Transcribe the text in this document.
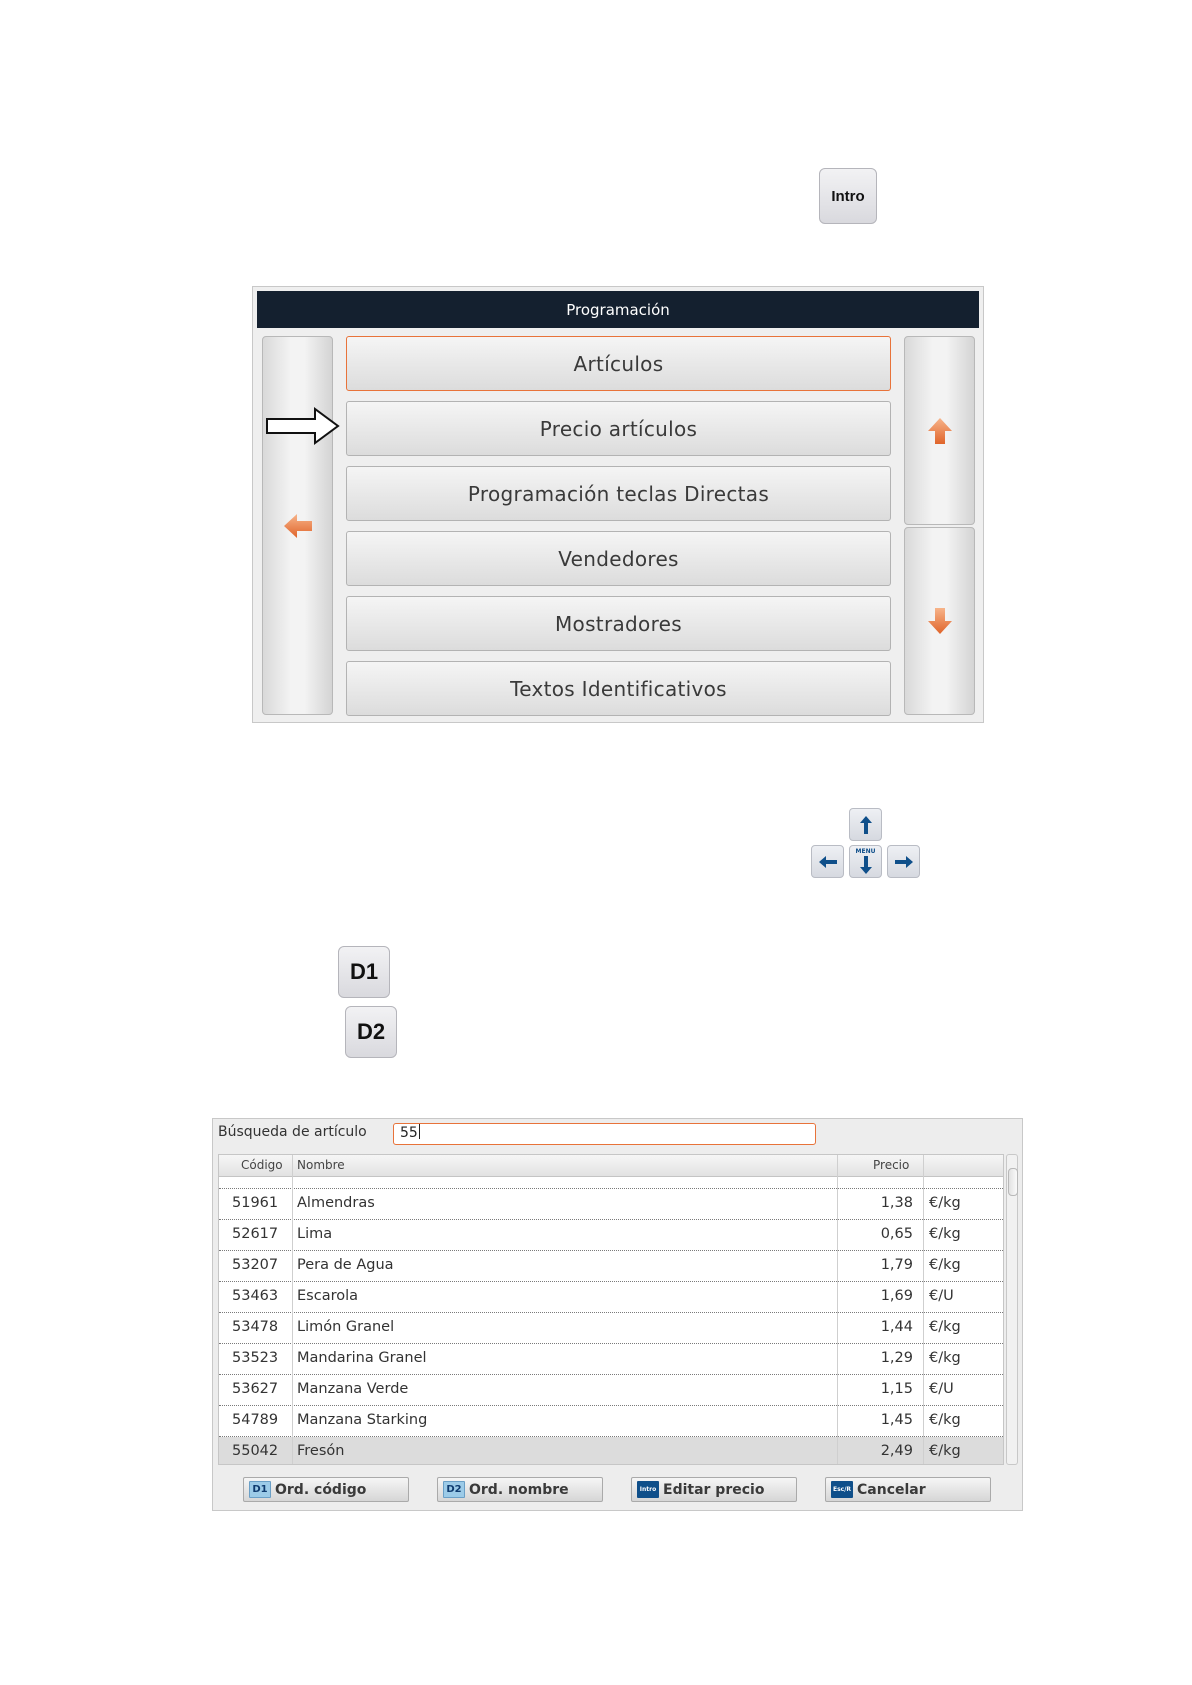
Intro
Programación
Artículos
Precio artículos
Programación teclas Directas
Vendedores
Mostradores
Textos Identificativos
MENU
D1
D2
Búsqueda de artículo	55
Código Nombre	Precio
51961 Almendras	1,38 €/kg
52617 Lima	0,65 €/kg
53207 Pera de Agua	1,79 €/kg
53463 Escarola	1,69 €/U
53478 Limón Granel	1,44 €/kg
53523 Mandarina Granel	1,29 €/kg
53627 Manzana Verde	1,15 €/U
54789 Manzana Starking	1,45 €/kg
55042 Fresón	2,49 €/kg
D1 Ord. código	D2 Ord. nombre	Intro Editar precio	Esc/R Cancelar
